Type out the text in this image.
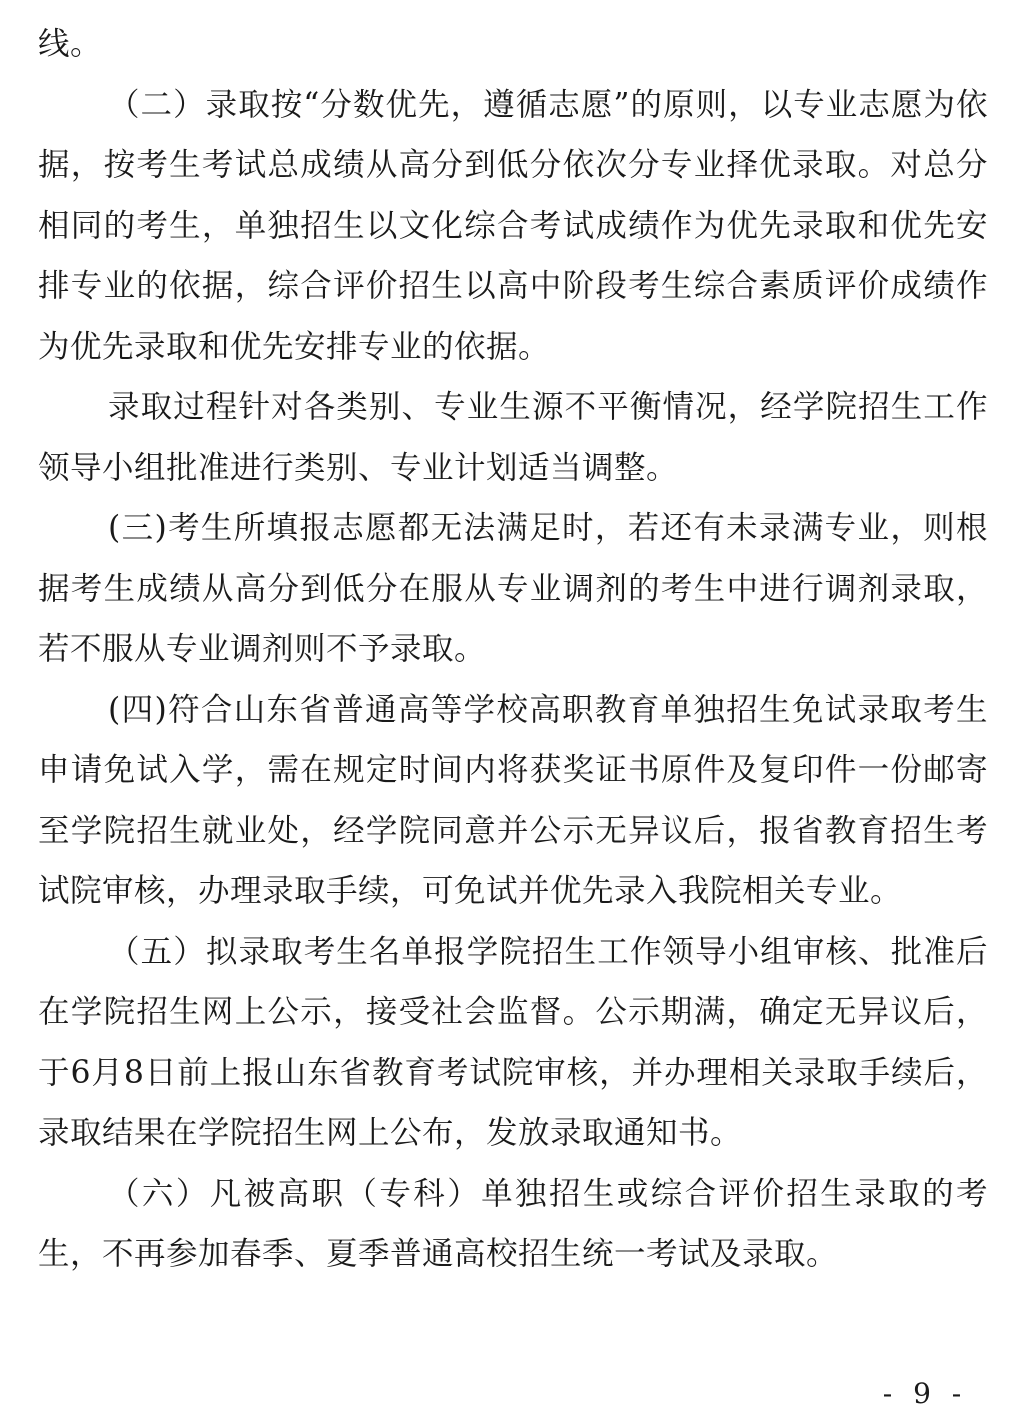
线。

（二）录取按“分数优先，遵循志愿”的原则，以专业志愿为依据，按考生考试总成绩从高分到低分依次分专业择优录取。对总分相同的考生，单独招生以文化综合考试成绩作为优先录取和优先安排专业的依据，综合评价招生以高中阶段考生综合素质评价成绩作为优先录取和优先安排专业的依据。

录取过程针对各类别、专业生源不平衡情况，经学院招生工作领导小组批准进行类别、专业计划适当调整。

(三)考生所填报志愿都无法满足时，若还有未录满专业，则根据考生成绩从高分到低分在服从专业调剂的考生中进行调剂录取，若不服从专业调剂则不予录取。

(四)符合山东省普通高等学校高职教育单独招生免试录取考生申请免试入学，需在规定时间内将获奖证书原件及复印件一份邮寄至学院招生就业处，经学院同意并公示无异议后，报省教育招生考试院审核，办理录取手续，可免试并优先录入我院相关专业。

（五）拟录取考生名单报学院招生工作领导小组审核、批准后在学院招生网上公示，接受社会监督。公示期满，确定无异议后，于6月8日前上报山东省教育考试院审核，并办理相关录取手续后，录取结果在学院招生网上公布，发放录取通知书。

（六）凡被高职（专科）单独招生或综合评价招生录取的考生，不再参加春季、夏季普通高校招生统一考试及录取。

- 9 -
